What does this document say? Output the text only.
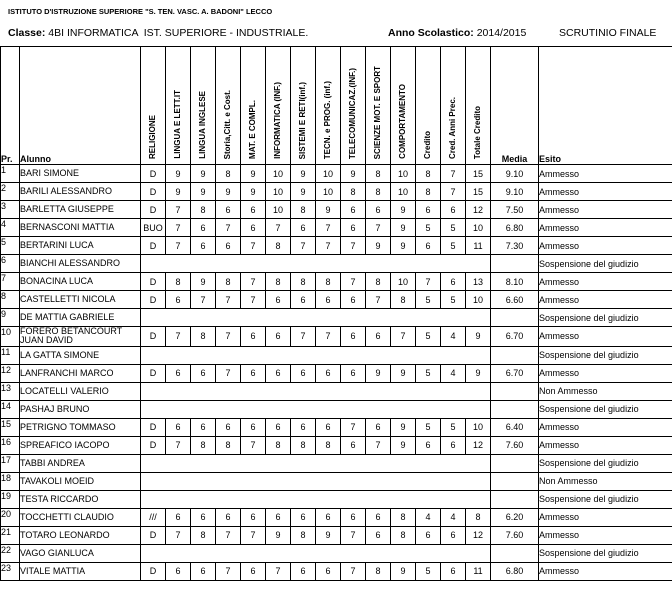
ISTITUTO D'ISTRUZIONE SUPERIORE "S. TEN. VASC. A. BADONI" LECCO
Classe: 4BI INFORMATICA  IST. SUPERIORE - INDUSTRIALE.	Anno Scolastico: 2014/2015	SCRUTINIO FINALE
Pr.	Alunno	RELIGIONE	LINGUA E LETT.IT	LINGUA INGLESE	Storia,Citt. e Cost.	MAT. E COMPL.	INFORMATICA (INF.)	SISTEMI E RETI(inf.)	TECN. e PROG. (inf.)	TELECOMUNICAZ.(INF.)	SCIENZE MOT. E SPORT	COMPORTAMENTO	Credito	Cred. Anni Prec.	Totale Credito	Media	Esito
1	BARI SIMONE	D	9	9	8	9	10	9	10	9	8	10	8	7	15	9.10	Ammesso
2	BARILI ALESSANDRO	D	9	9	9	9	10	9	10	8	8	10	8	7	15	9.10	Ammesso
3	BARLETTA GIUSEPPE	D	7	8	6	6	10	8	9	6	6	9	6	6	12	7.50	Ammesso
4	BERNASCONI MATTIA	BUO	7	6	7	6	7	6	7	6	7	9	5	5	10	6.80	Ammesso
5	BERTARINI LUCA	D	7	6	6	7	8	7	7	7	9	9	6	5	11	7.30	Ammesso
6	BIANCHI ALESSANDRO																Sospensione del giudizio
7	BONACINA LUCA	D	8	9	8	7	8	8	8	7	8	10	7	6	13	8.10	Ammesso
8	CASTELLETTI NICOLA	D	6	7	7	7	6	6	6	6	7	8	5	5	10	6.60	Ammesso
9	DE MATTIA GABRIELE																Sospensione del giudizio
10	FORERO BETANCOURT JUAN DAVID	D	7	8	7	6	6	7	7	6	6	7	5	4	9	6.70	Ammesso
11	LA GATTA SIMONE																Sospensione del giudizio
12	LANFRANCHI MARCO	D	6	6	7	6	6	6	6	6	9	9	5	4	9	6.70	Ammesso
13	LOCATELLI VALERIO																Non Ammesso
14	PASHAJ BRUNO																Sospensione del giudizio
15	PETRIGNO TOMMASO	D	6	6	6	6	6	6	6	7	6	9	5	5	10	6.40	Ammesso
16	SPREAFICO IACOPO	D	7	8	8	7	8	8	8	6	7	9	6	6	12	7.60	Ammesso
17	TABBI ANDREA																Sospensione del giudizio
18	TAVAKOLI MOEID																Non Ammesso
19	TESTA RICCARDO																Sospensione del giudizio
20	TOCCHETTI CLAUDIO	///	6	6	6	6	6	6	6	6	6	8	4	4	8	6.20	Ammesso
21	TOTARO LEONARDO	D	7	8	7	7	9	8	9	7	6	8	6	6	12	7.60	Ammesso
22	VAGO GIANLUCA																Sospensione del giudizio
23	VITALE MATTIA	D	6	6	7	6	7	6	6	7	8	9	5	6	11	6.80	Ammesso
